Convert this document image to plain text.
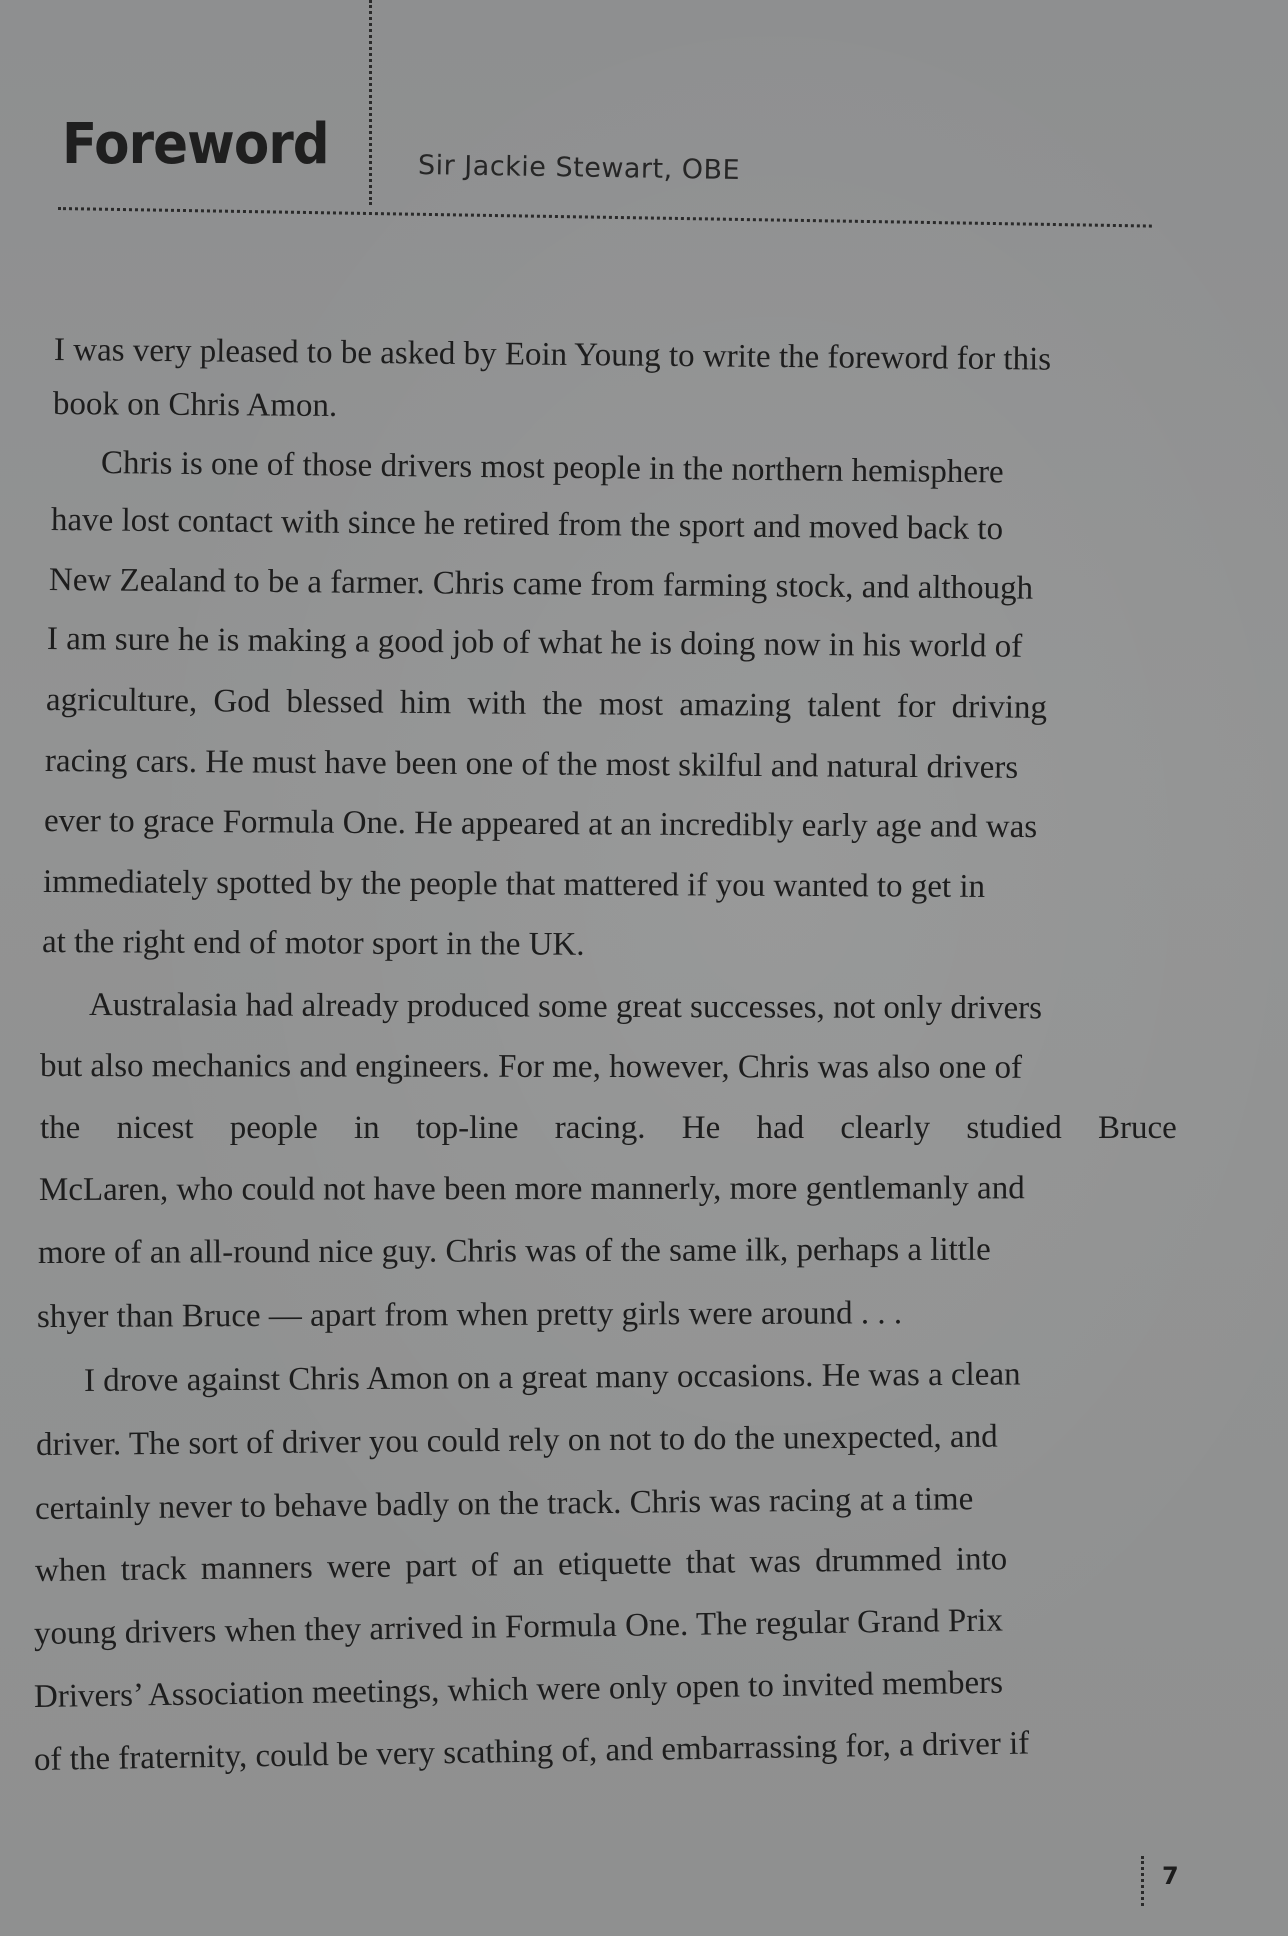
Foreword	Sir Jackie Stewart, OBE
I was very pleased to be asked by Eoin Young to write the foreword for this
book on Chris Amon.
Chris is one of those drivers most people in the northern hemisphere
have lost contact with since he retired from the sport and moved back to
New Zealand to be a farmer. Chris came from farming stock, and although
I am sure he is making a good job of what he is doing now in his world of
agriculture, God blessed him with the most amazing talent for driving
racing cars. He must have been one of the most skilful and natural drivers
ever to grace Formula One. He appeared at an incredibly early age and was
immediately spotted by the people that mattered if you wanted to get in
at the right end of motor sport in the UK.
Australasia had already produced some great successes, not only drivers
but also mechanics and engineers. For me, however, Chris was also one of
the nicest people in top-line racing. He had clearly studied Bruce
McLaren, who could not have been more mannerly, more gentlemanly and
more of an all-round nice guy. Chris was of the same ilk, perhaps a little
shyer than Bruce — apart from when pretty girls were around . . .
I drove against Chris Amon on a great many occasions. He was a clean
driver. The sort of driver you could rely on not to do the unexpected, and
certainly never to behave badly on the track. Chris was racing at a time
when track manners were part of an etiquette that was drummed into
young drivers when they arrived in Formula One. The regular Grand Prix
Drivers’ Association meetings, which were only open to invited members
of the fraternity, could be very scathing of, and embarrassing for, a driver if
7
